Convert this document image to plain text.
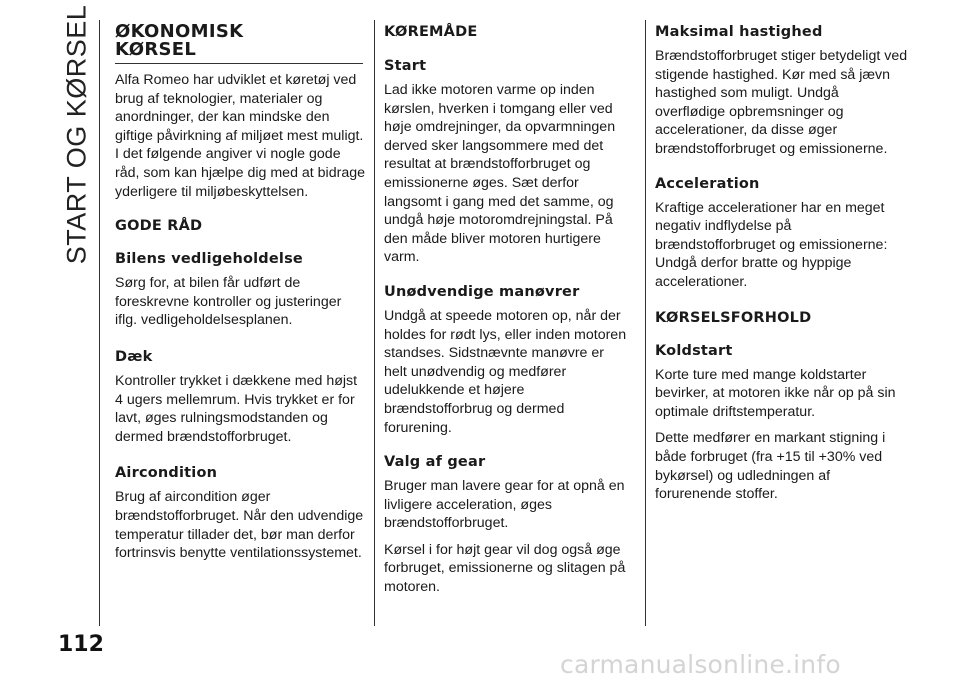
START OG KØRSEL ØKONOMISK
KØRSEL

Alfa Romeo har udviklet et køretøj ved brug af teknologier, materialer og anordninger, der kan mindske den giftige påvirkning af miljøet mest muligt. I det følgende angiver vi nogle gode råd, som kan hjælpe dig med at bidrage yderligere til miljøbeskyttelsen.

GODE RÅD
Bilens vedligeholdelse

Sørg for, at bilen får udført de foreskrevne kontroller og justeringer iflg. vedligeholdelsesplanen.

Dæk

Kontroller trykket i dækkene med højst 4 ugers mellemrum. Hvis trykket er for lavt, øges rulningsmodstanden og dermed brændstofforbruget.

Aircondition

Brug af aircondition øger brændstofforbruget. Når den udvendige temperatur tillader det, bør man derfor fortrinsvis benytte ventilationssystemet.

KØREMÅDE
Start

Lad ikke motoren varme op inden kørslen, hverken i tomgang eller ved høje omdrejninger, da opvarmningen derved sker langsommere med det resultat at brændstofforbruget og emissionerne øges. Sæt derfor langsomt i gang med det samme, og undgå høje motoromdrejningstal. På den måde bliver motoren hurtigere varm.

Unødvendige manøvrer

Undgå at speede motoren op, når der holdes for rødt lys, eller inden motoren standses. Sidstnævnte manøvre er helt unødvendig og medfører udelukkende et højere brændstofforbrug og dermed forurening.

Valg af gear

Bruger man lavere gear for at opnå en livligere acceleration, øges brændstofforbruget.

Kørsel i for højt gear vil dog også øge forbruget, emissionerne og slitagen på motoren.

Maksimal hastighed

Brændstofforbruget stiger betydeligt ved stigende hastighed. Kør med så jævn hastighed som muligt. Undgå overflødige opbremsninger og accelerationer, da disse øger brændstofforbruget og emissionerne.

Acceleration

Kraftige accelerationer har en meget negativ indflydelse på brændstofforbruget og emissionerne: Undgå derfor bratte og hyppige accelerationer.

KØRSELSFORHOLD
Koldstart

Korte ture med mange koldstarter bevirker, at motoren ikke når op på sin optimale driftstemperatur.

Dette medfører en markant stigning i både forbruget (fra +15 til +30% ved bykørsel) og udledningen af forurenende stoffer.

112
carmanualsonline.info
